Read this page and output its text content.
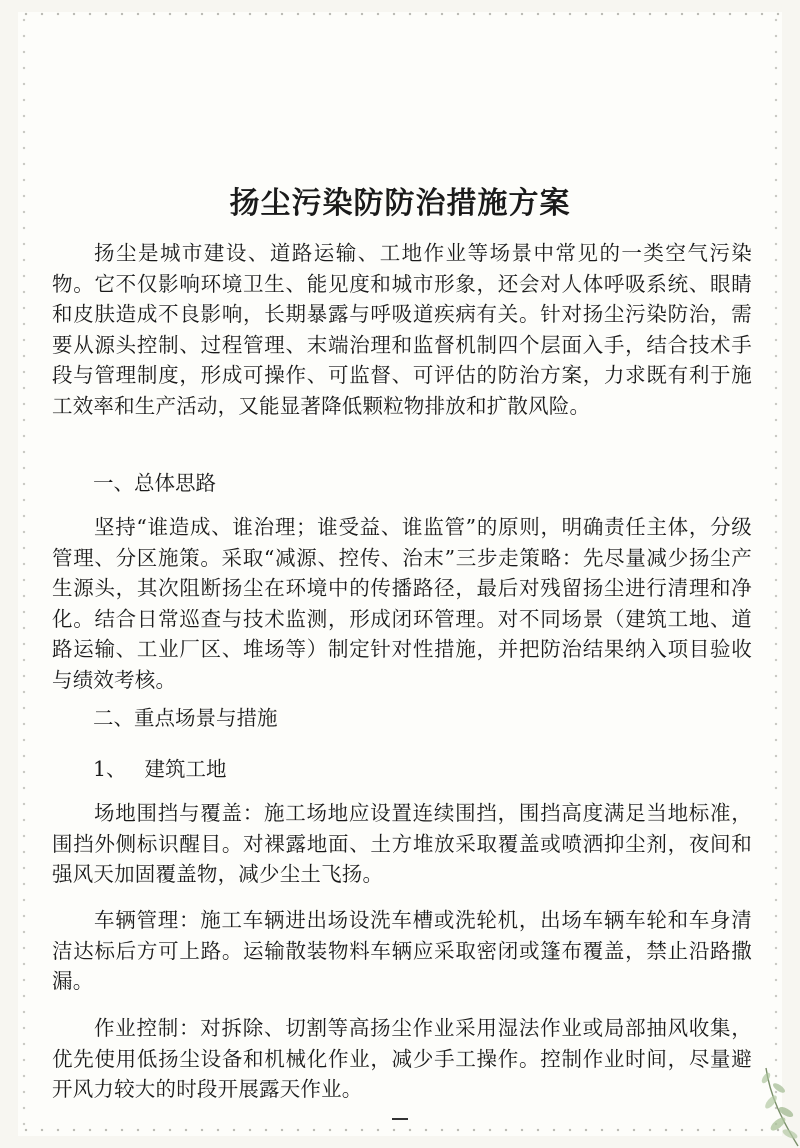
扬尘污染防防治措施方案

扬尘是城市建设、道路运输、工地作业等场景中常见的一类空气污染物。它不仅影响环境卫生、能见度和城市形象，还会对人体呼吸系统、眼睛和皮肤造成不良影响，长期暴露与呼吸道疾病有关。针对扬尘污染防治，需要从源头控制、过程管理、末端治理和监督机制四个层面入手，结合技术手段与管理制度，形成可操作、可监督、可评估的防治方案，力求既有利于施工效率和生产活动，又能显著降低颗粒物排放和扩散风险。

一、总体思路

坚持“谁造成、谁治理；谁受益、谁监管”的原则，明确责任主体，分级管理、分区施策。采取“减源、控传、治末”三步走策略：先尽量减少扬尘产生源头，其次阻断扬尘在环境中的传播路径，最后对残留扬尘进行清理和净化。结合日常巡查与技术监测，形成闭环管理。对不同场景（建筑工地、道路运输、工业厂区、堆场等）制定针对性措施，并把防治结果纳入项目验收与绩效考核。

二、重点场景与措施

1、 建筑工地

场地围挡与覆盖：施工场地应设置连续围挡，围挡高度满足当地标准，围挡外侧标识醒目。对裸露地面、土方堆放采取覆盖或喷洒抑尘剂，夜间和强风天加固覆盖物，减少尘土飞扬。

车辆管理：施工车辆进出场设洗车槽或洗轮机，出场车辆车轮和车身清洁达标后方可上路。运输散装物料车辆应采取密闭或篷布覆盖，禁止沿路撒漏。

作业控制：对拆除、切割等高扬尘作业采用湿法作业或局部抽风收集，优先使用低扬尘设备和机械化作业，减少手工操作。控制作业时间，尽量避开风力较大的时段开展露天作业。
